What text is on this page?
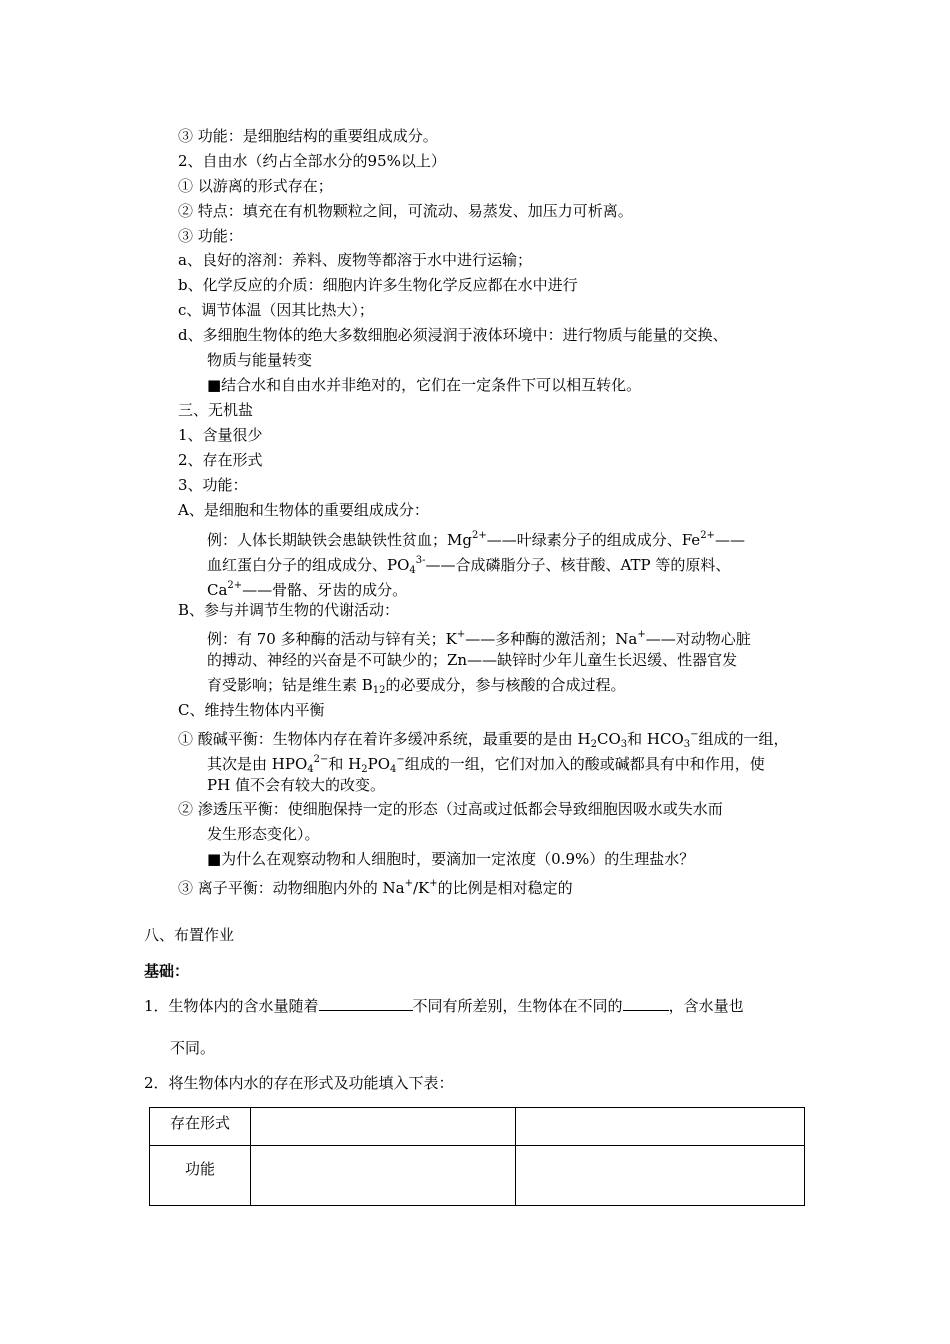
③ 功能：是细胞结构的重要组成成分。
2、自由水（约占全部水分的95%以上）
① 以游离的形式存在；
② 特点：填充在有机物颗粒之间，可流动、易蒸发、加压力可析离。
③ 功能：
a、良好的溶剂：养料、废物等都溶于水中进行运输；
b、化学反应的介质：细胞内许多生物化学反应都在水中进行
c、调节体温（因其比热大）；
d、多细胞生物体的绝大多数细胞必须浸润于液体环境中：进行物质与能量的交换、
物质与能量转变
■结合水和自由水并非绝对的，它们在一定条件下可以相互转化。
三、无机盐
1、含量很少
2、存在形式
3、功能：
A、是细胞和生物体的重要组成成分：
例：人体长期缺铁会患缺铁性贫血；$Mg^{2+}——$叶绿素分子的组成成分、$Fe^{2+}——$
血红蛋白分子的组成成分、$PO_4^{3-}——$合成磷脂分子、核苷酸、ATP 等的原料、
$Ca^{2+}——$骨骼、牙齿的成分。
B、参与并调节生物的代谢活动：
例：有 70 多种酶的活动与锌有关；K+——多种酶的激活剂；Na+——对动物心脏
的搏动、神经的兴奋是不可缺少的；Zn——缺锌时少年儿童生长迟缓、性器官发
育受影响；钴是维生素 $B_{12}$的必要成分，参与核酸的合成过程。
C、维持生物体内平衡
① 酸碱平衡：生物体内存在着许多缓冲系统，最重要的是由 $H_2CO_3$和 $HCO_3^-$组成的一组，
其次是由 $HPO_4^{2-}$和 $H_2PO_4^-$组成的一组，它们对加入的酸或碱都具有中和作用，使
PH 值不会有较大的改变。
② 渗透压平衡：使细胞保持一定的形态（过高或过低都会导致细胞因吸水或失水而
发生形态变化）。
■为什么在观察动物和人细胞时，要滴加一定浓度（0.9%）的生理盐水？
③ 离子平衡：动物细胞内外的 Na+/K+的比例是相对稳定的
八、布置作业
基础：
1．生物体内的含水量随着	不同有所差别，生物体在不同的	，含水量也
不同。
2．将生物体内水的存在形式及功能填入下表：
存在形式		
功能		
